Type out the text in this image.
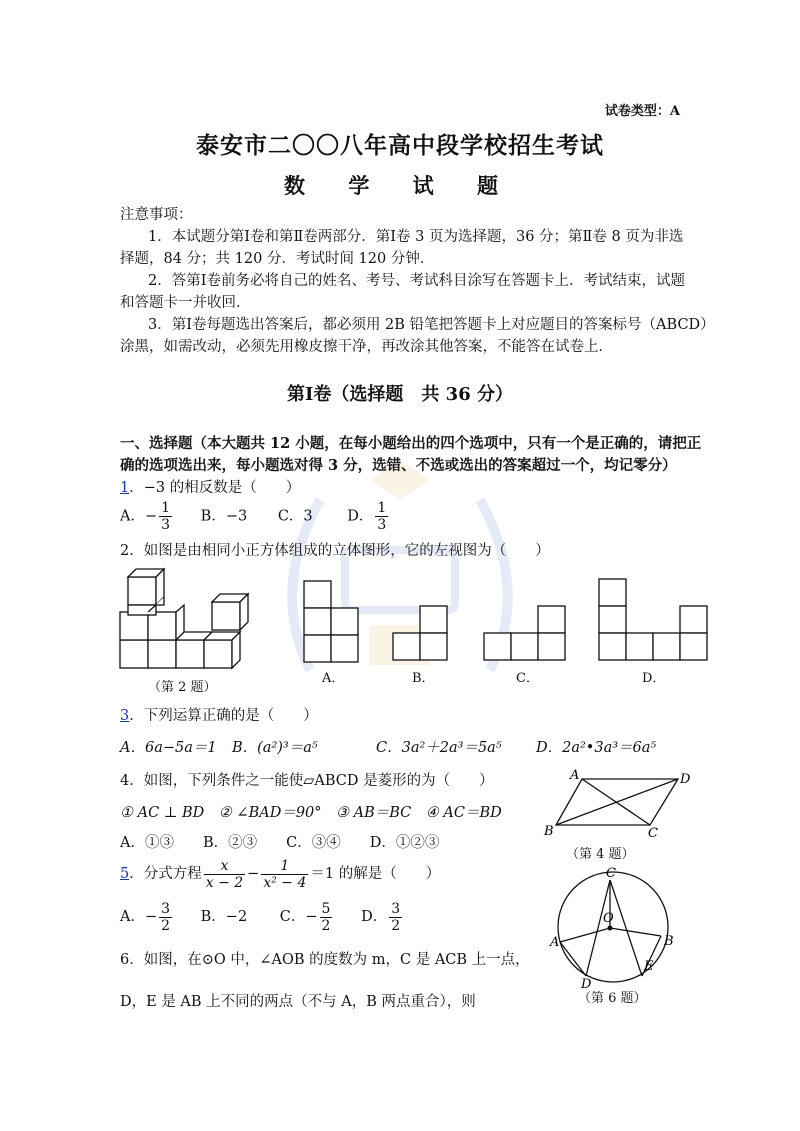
试卷类型：A
泰安市二〇〇八年高中段学校招生考试
数 学 试 题
注意事项：
1．本试题分第Ⅰ卷和第Ⅱ卷两部分．第Ⅰ卷 3 页为选择题，36 分；第Ⅱ卷 8 页为非选
择题，84 分；共 120 分．考试时间 120 分钟．
2．答第Ⅰ卷前务必将自己的姓名、考号、考试科目涂写在答题卡上．考试结束，试题
和答题卡一并收回．
3．第Ⅰ卷每题选出答案后，都必须用 2B 铅笔把答题卡上对应题目的答案标号（ABCD）
涂黑，如需改动，必须先用橡皮擦干净，再改涂其他答案，不能答在试卷上．
第Ⅰ卷（选择题　共 36 分）
一、选择题（本大题共 12 小题，在每小题给出的四个选项中，只有一个是正确的，请把正
确的选项选出来，每小题选对得 3 分，选错、不选或选出的答案超过一个，均记零分）
1．−3 的相反数是（　　）
A．− $\frac{1}{3}$ B．−3 C．3 D． $\frac{1}{3}$
2．如图是由相同小正方体组成的立体图形，它的左视图为（　　）
（第 2 题）
A．	B．	C．	D．
3．下列运算正确的是（　　）
A．6a−5a＝1 B．(a²)³＝a⁵	C．3a²＋2a³＝5a⁵ D．2a²•3a³＝6a⁵
4．如图，下列条件之一能使▱ABCD 是菱形的为（　　）
① AC ⊥ BD　② ∠BAD＝90°　③ AB＝BC　④ AC＝BD
A．①③　　B．②③　　C．③④　　D．①②③
A	D
B	C
（第 4 题）
5．分式方程 $\frac{x}{x - 2} - \frac{1}{\text{x² − 4}} =1$ 的解是（　　）
A．− $\frac{3}{2}$ B．−2 C．− $\frac{5}{2}$ D． $\frac{3}{2}$
C
O
A	B
D
E
（第 6 题）
6．如图，在⊙O 中，∠AOB 的度数为 m，C 是 ACB 上一点，
D，E 是 AB 上不同的两点（不与 A，B 两点重合），则
